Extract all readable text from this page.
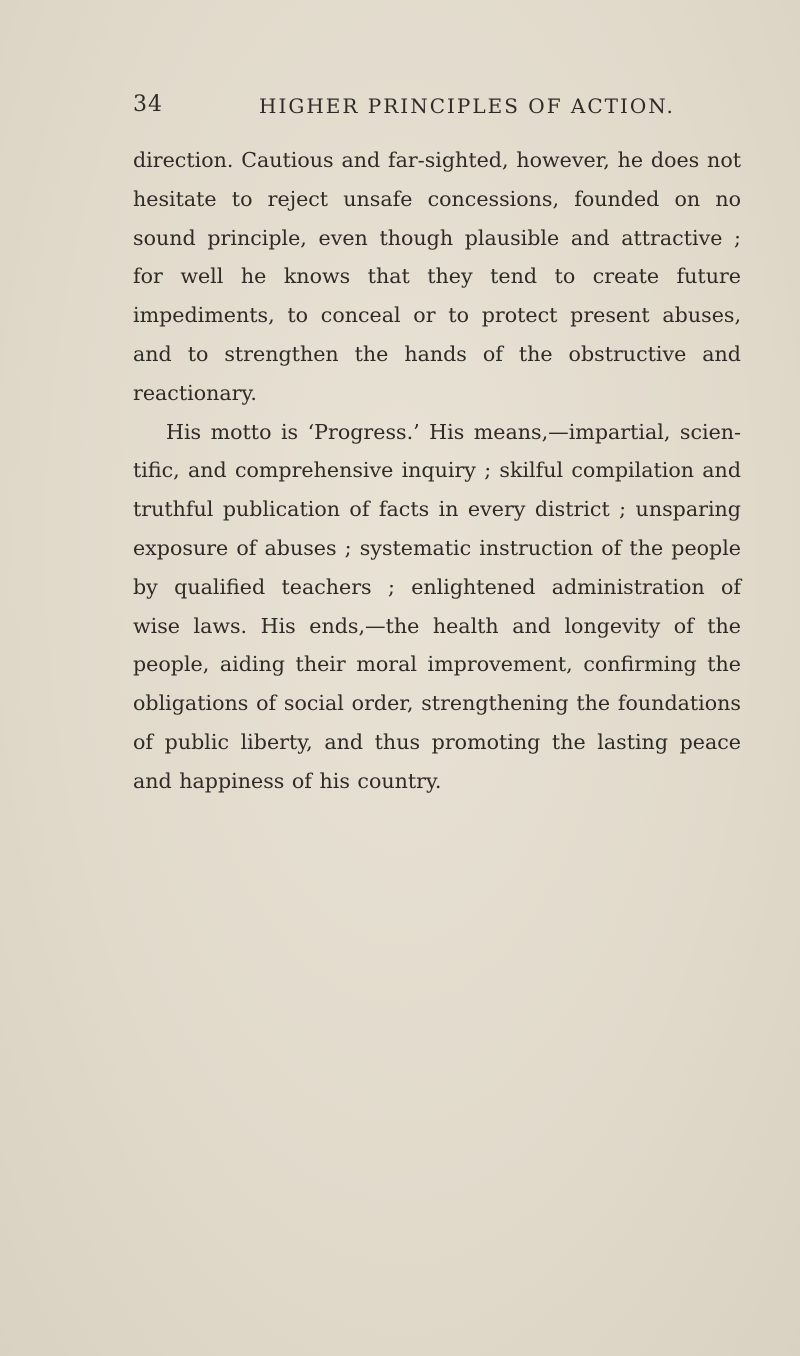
34	HIGHER PRINCIPLES OF ACTION.

direction. Cautious and far-sighted, however, he does not hesitate to reject unsafe concessions, founded on no sound principle, even though plausible and attractive ; for well he knows that they tend to create future impediments, to conceal or to protect present abuses, and to strengthen the hands of the obstructive and reactionary.

His motto is ‘Progress.’ His means,—impartial, scien-tific, and comprehensive inquiry ; skilful compilation and truthful publication of facts in every district ; unsparing exposure of abuses ; systematic instruction of the people by qualified teachers ; enlightened administration of wise laws. His ends,—the health and longevity of the people, aiding their moral improvement, confirming the obligations of social order, strengthening the foundations of public liberty, and thus promoting the lasting peace and happiness of his country.
